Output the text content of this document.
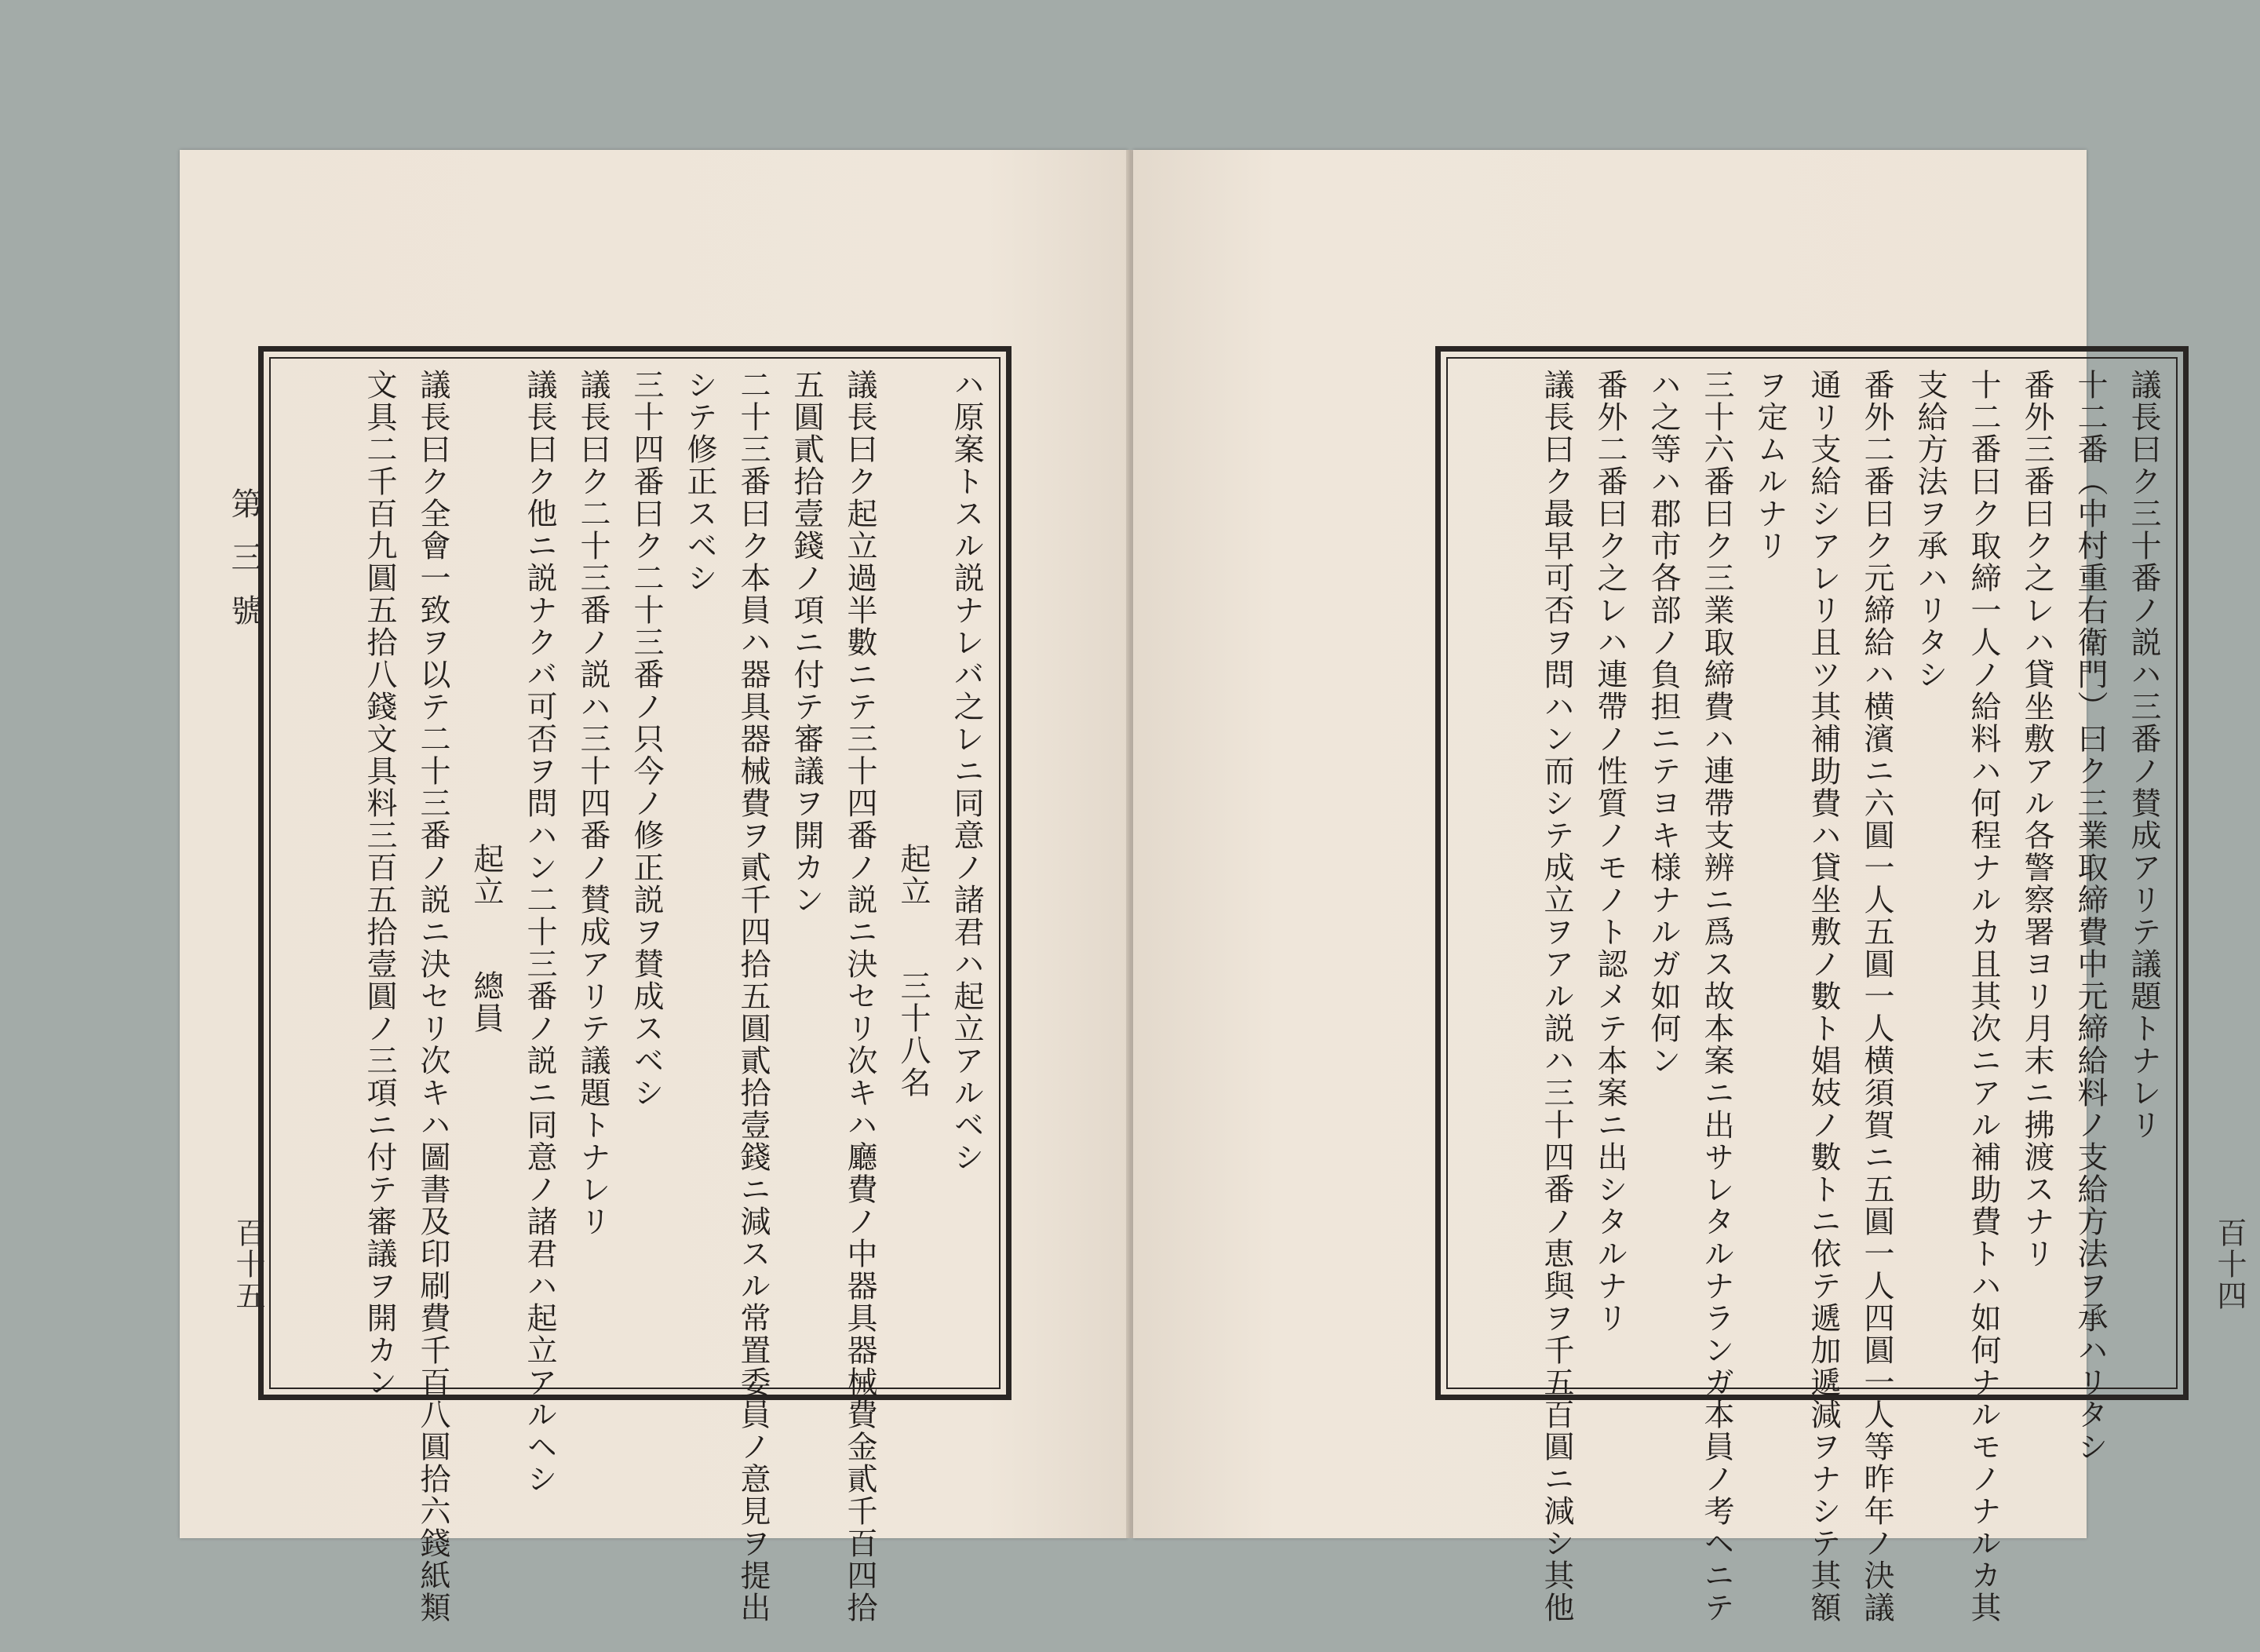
第三號
百十五
ハ原案トスル説ナレバ之レニ同意ノ諸君ハ起立アルベシ
起立三十八名
議長曰ク起立過半數ニテ三十四番ノ説ニ決セリ次キハ廳費ノ中器具器械費金貳千百四拾
五圓貳拾壹錢ノ項ニ付テ審議ヲ開カン
二十三番曰ク本員ハ器具器械費ヲ貳千四拾五圓貳拾壹錢ニ減スル常置委員ノ意見ヲ提出
シテ修正スベシ
三十四番曰ク二十三番ノ只今ノ修正説ヲ賛成スベシ
議長曰ク二十三番ノ説ハ三十四番ノ賛成アリテ議題トナレリ
議長曰ク他ニ説ナクバ可否ヲ問ハン二十三番ノ説ニ同意ノ諸君ハ起立アルヘシ
起立總員
議長曰ク全會一致ヲ以テ二十三番ノ説ニ決セリ次キハ圖書及印刷費千百八圓拾六錢紙類
文具二千百九圓五拾八錢文具料三百五拾壹圓ノ三項ニ付テ審議ヲ開カン	百十四
議長曰ク三十番ノ説ハ三番ノ賛成アリテ議題トナレリ
十二番（中村重右衛門）曰ク三業取締費中元締給料ノ支給方法ヲ承ハリタシ
番外三番曰ク之レハ貸坐敷アル各警察署ヨリ月末ニ拂渡スナリ
十二番曰ク取締一人ノ給料ハ何程ナルカ且其次ニアル補助費トハ如何ナルモノナルカ其
支給方法ヲ承ハリタシ
番外二番曰ク元締給ハ横濱ニ六圓一人五圓一人横須賀ニ五圓一人四圓一人等昨年ノ決議
通リ支給シアレリ且ツ其補助費ハ貸坐敷ノ數ト娼妓ノ數トニ依テ遞加遞減ヲナシテ其額
ヲ定ムルナリ
三十六番曰ク三業取締費ハ連帶支辨ニ爲ス故本案ニ出サレタルナランガ本員ノ考ヘニテ
ハ之等ハ郡市各部ノ負担ニテヨキ様ナルガ如何ン
番外二番曰ク之レハ連帶ノ性質ノモノト認メテ本案ニ出シタルナリ
議長曰ク最早可否ヲ問ハン而シテ成立ヲアル説ハ三十四番ノ恵與ヲ千五百圓ニ減シ其他
